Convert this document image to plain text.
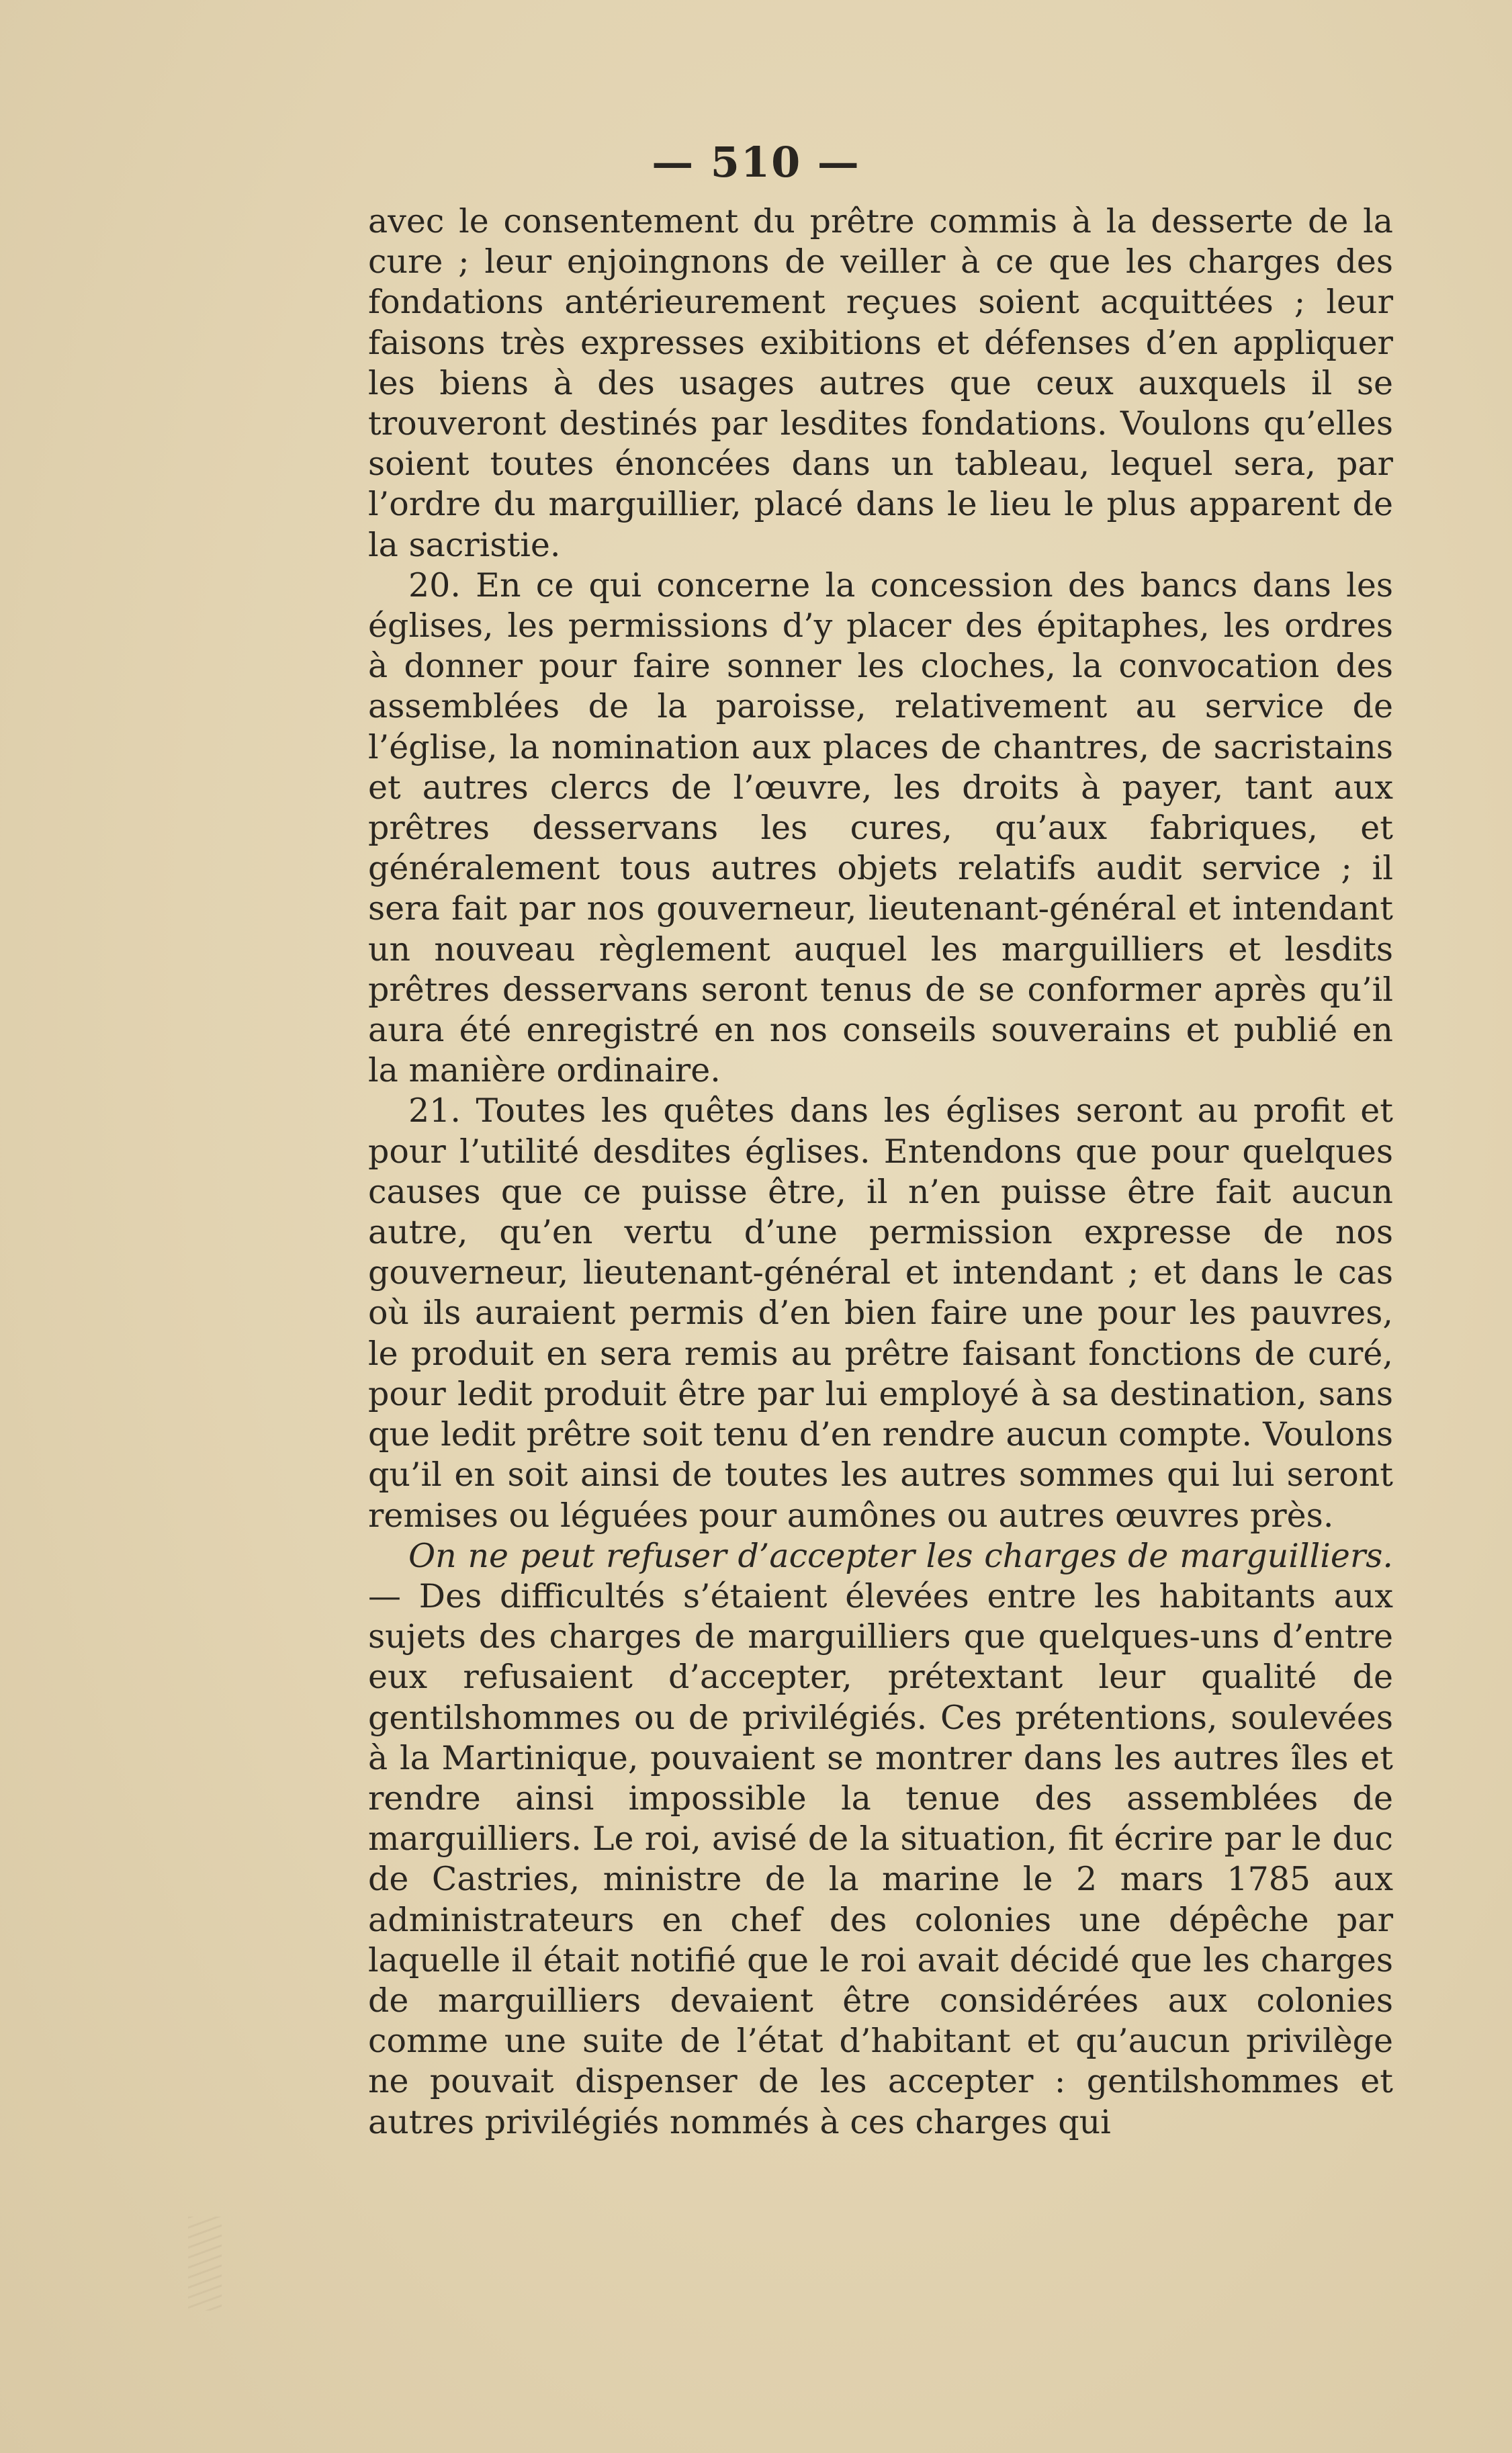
— 510 —

avec le consentement du prêtre commis à la desserte de la cure ; leur enjoingnons de veiller à ce que les charges des fondations antérieurement reçues soient acquittées ; leur faisons très expresses exibitions et défenses d’en appliquer les biens à des usages autres que ceux auxquels il se trouveront destinés par lesdites fondations. Voulons qu’elles soient toutes énoncées dans un tableau, lequel sera, par l’ordre du marguillier, placé dans le lieu le plus apparent de la sacristie.

20. En ce qui concerne la concession des bancs dans les églises, les permissions d’y placer des épitaphes, les ordres à donner pour faire sonner les cloches, la convocation des assemblées de la paroisse, relativement au service de l’église, la nomination aux places de chantres, de sacristains et autres clercs de l’œuvre, les droits à payer, tant aux prêtres desservans les cures, qu’aux fabriques, et généralement tous autres objets relatifs audit service ; il sera fait par nos gouverneur, lieutenant-général et intendant un nouveau règlement auquel les marguilliers et lesdits prêtres desservans seront tenus de se conformer après qu’il aura été enregistré en nos conseils souverains et publié en la manière ordinaire.

21. Toutes les quêtes dans les églises seront au profit et pour l’utilité desdites églises. Entendons que pour quelques causes que ce puisse être, il n’en puisse être fait aucun autre, qu’en vertu d’une permission expresse de nos gouverneur, lieutenant-général et intendant ; et dans le cas où ils auraient permis d’en bien faire une pour les pauvres, le produit en sera remis au prêtre faisant fonctions de curé, pour ledit produit être par lui employé à sa destination, sans que ledit prêtre soit tenu d’en rendre aucun compte. Voulons qu’il en soit ainsi de toutes les autres sommes qui lui seront remises ou léguées pour aumônes ou autres œuvres près.

On ne peut refuser d’accepter les charges de marguilliers. — Des difficultés s’étaient élevées entre les habitants aux sujets des charges de marguilliers que quelques-uns d’entre eux refusaient d’accepter, prétextant leur qualité de gentilshommes ou de privilégiés. Ces prétentions, soulevées à la Martinique, pouvaient se montrer dans les autres îles et rendre ainsi impossible la tenue des assemblées de marguilliers. Le roi, avisé de la situation, fit écrire par le duc de Castries, ministre de la marine le 2 mars 1785 aux administrateurs en chef des colonies une dépêche par laquelle il était notifié que le roi avait décidé que les charges de marguilliers devaient être considérées aux colonies comme une suite de l’état d’habitant et qu’aucun privilège ne pouvait dispenser de les accepter : gentilshommes et autres privilégiés nommés à ces charges qui
